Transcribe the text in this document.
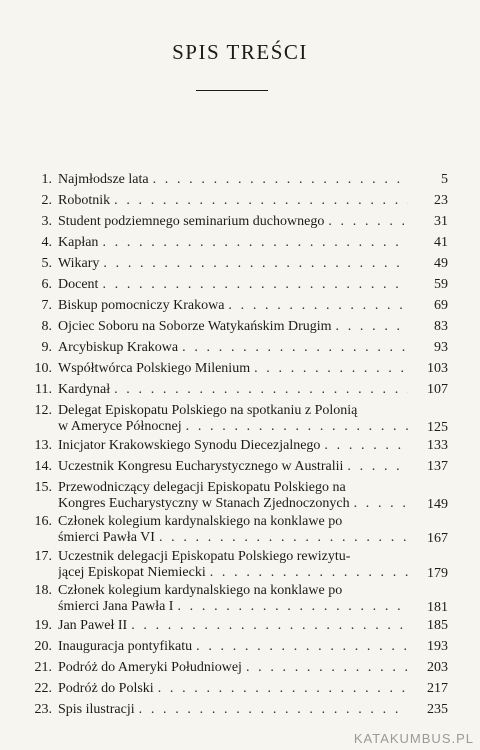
SPIS TREŚCI
1. Najmłodsze lata . . .	5
2. Robotnik . . .	23
3. Student podziemnego seminarium duchownego . . .	31
4. Kapłan . . .	41
5. Wikary . . .	49
6. Docent . . .	59
7. Biskup pomocniczy Krakowa . . .	69
8. Ojciec Soboru na Soborze Watykańskim Drugim . . .	83
9. Arcybiskup Krakowa . . .	93
10. Współtwórca Polskiego Milenium . . .	103
11. Kardynał . . .	107
12. Delegat Episkopatu Polskiego na spotkaniu z Polonią
w Ameryce Północnej . . .	125
13. Inicjator Krakowskiego Synodu Diecezjalnego . . .	133
14. Uczestnik Kongresu Eucharystycznego w Australii . . .	137
15. Przewodniczący delegacji Episkopatu Polskiego na
Kongres Eucharystyczny w Stanach Zjednoczonych . . .	149
16. Członek kolegium kardynalskiego na konklawe po
śmierci Pawła VI . . .	167
17. Uczestnik delegacji Episkopatu Polskiego rewizytu-
jącej Episkopat Niemiecki . . .	179
18. Członek kolegium kardynalskiego na konklawe po
śmierci Jana Pawła I . . .	181
19. Jan Paweł II . . .	185
20. Inauguracja pontyfikatu . . .	193
21. Podróż do Ameryki Południowej . . .	203
22. Podróż do Polski . . .	217
23. Spis ilustracji . . .	235
KATAKUMBUS.PL
